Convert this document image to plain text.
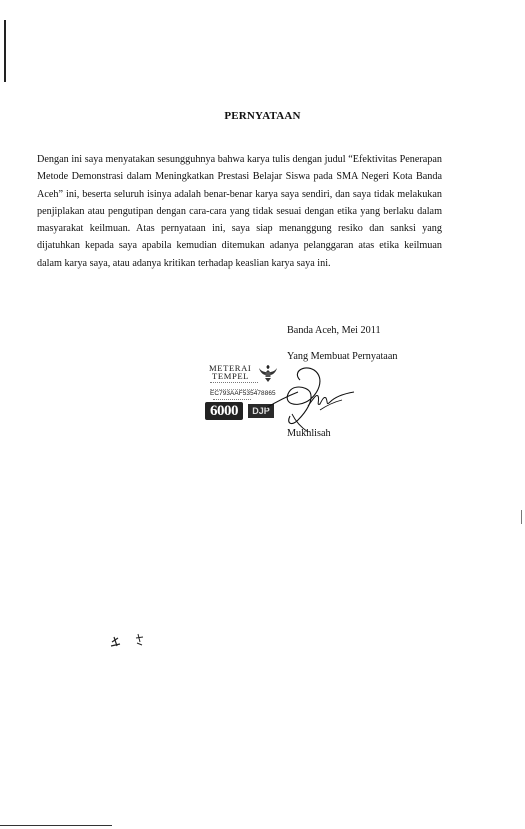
PERNYATAAN

Dengan ini saya menyatakan sesungguhnya bahwa karya tulis dengan judul “Efektivitas Penerapan Metode Demonstrasi dalam Meningkatkan Prestasi Belajar Siswa pada SMA Negeri Kota Banda Aceh” ini, beserta seluruh isinya adalah benar-benar karya saya sendiri, dan saya tidak melakukan penjiplakan atau pengutipan dengan cara-cara yang tidak sesuai dengan etika yang berlaku dalam masyarakat keilmuan. Atas pernyataan ini, saya siap menanggung resiko dan sanksi yang dijatuhkan kepada saya apabila kemudian ditemukan adanya pelanggaran atas etika keilmuan dalam karya saya, atau adanya kritikan terhadap keaslian karya saya ini.

Banda Aceh, Mei 2011
Yang Membuat Pernyataan
METERAI
TEMPEL
EC793AAF535478865
6000	DJP
Mukhlisah
